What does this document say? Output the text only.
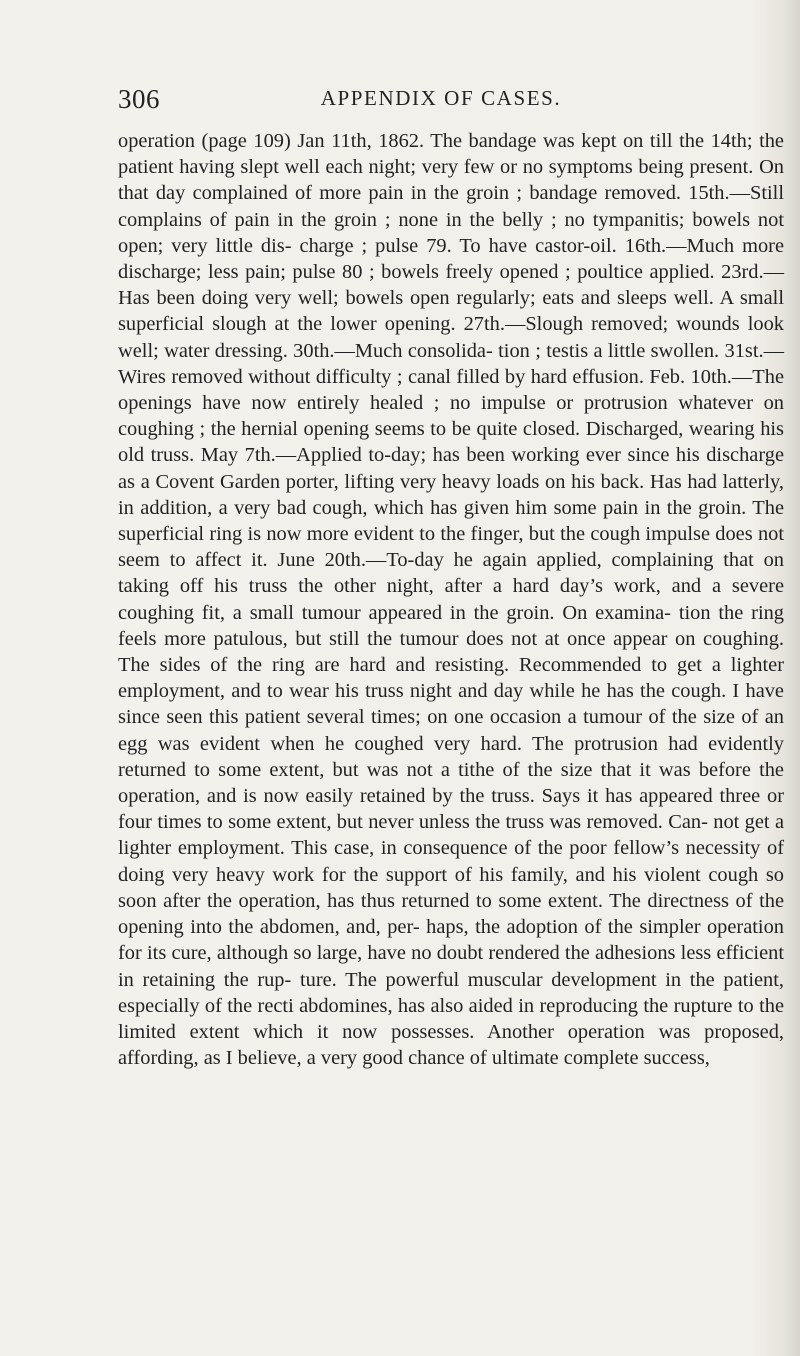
306	APPENDIX OF CASES.

operation (page 109) Jan 11th, 1862. The bandage was kept on till the 14th; the patient having slept well each night; very few or no symptoms being present. On that day complained of more pain in the groin ; bandage removed. 15th.—Still complains of pain in the groin ; none in the belly ; no tympanitis; bowels not open; very little dis- charge ; pulse 79. To have castor-oil. 16th.—Much more discharge; less pain; pulse 80 ; bowels freely opened ; poultice applied. 23rd.— Has been doing very well; bowels open regularly; eats and sleeps well. A small superficial slough at the lower opening. 27th.—Slough removed; wounds look well; water dressing. 30th.—Much consolida- tion ; testis a little swollen. 31st.—Wires removed without difficulty ; canal filled by hard effusion. Feb. 10th.—The openings have now entirely healed ; no impulse or protrusion whatever on coughing ; the hernial opening seems to be quite closed. Discharged, wearing his old truss. May 7th.—Applied to-day; has been working ever since his discharge as a Covent Garden porter, lifting very heavy loads on his back. Has had latterly, in addition, a very bad cough, which has given him some pain in the groin. The superficial ring is now more evident to the finger, but the cough impulse does not seem to affect it. June 20th.—To-day he again applied, complaining that on taking off his truss the other night, after a hard day’s work, and a severe coughing fit, a small tumour appeared in the groin. On examina- tion the ring feels more patulous, but still the tumour does not at once appear on coughing. The sides of the ring are hard and resisting. Recommended to get a lighter employment, and to wear his truss night and day while he has the cough. I have since seen this patient several times; on one occasion a tumour of the size of an egg was evident when he coughed very hard. The protrusion had evidently returned to some extent, but was not a tithe of the size that it was before the operation, and is now easily retained by the truss. Says it has appeared three or four times to some extent, but never unless the truss was removed. Can- not get a lighter employment. This case, in consequence of the poor fellow’s necessity of doing very heavy work for the support of his family, and his violent cough so soon after the operation, has thus returned to some extent. The directness of the opening into the abdomen, and, per- haps, the adoption of the simpler operation for its cure, although so large, have no doubt rendered the adhesions less efficient in retaining the rup- ture. The powerful muscular development in the patient, especially of the recti abdomines, has also aided in reproducing the rupture to the limited extent which it now possesses. Another operation was proposed, affording, as I believe, a very good chance of ultimate complete success,
